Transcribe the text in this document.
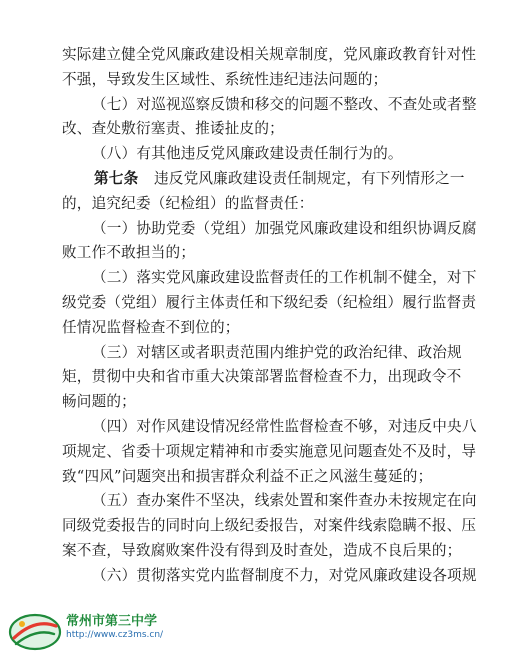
实际建立健全党风廉政建设相关规章制度，党风廉政教育针对性
不强，导致发生区域性、系统性违纪违法问题的；
（七）对巡视巡察反馈和移交的问题不整改、不查处或者整
改、查处敷衍塞责、推诿扯皮的；
（八）有其他违反党风廉政建设责任制行为的。
第七条 违反党风廉政建设责任制规定，有下列情形之一
的，追究纪委（纪检组）的监督责任：
（一）协助党委（党组）加强党风廉政建设和组织协调反腐
败工作不敢担当的；
（二）落实党风廉政建设监督责任的工作机制不健全，对下
级党委（党组）履行主体责任和下级纪委（纪检组）履行监督责
任情况监督检查不到位的；
（三）对辖区或者职责范围内维护党的政治纪律、政治规
矩，贯彻中央和省市重大决策部署监督检查不力，出现政令不
畅问题的；
（四）对作风建设情况经常性监督检查不够，对违反中央八
项规定、省委十项规定精神和市委实施意见问题查处不及时，导
致“四风”问题突出和损害群众利益不正之风滋生蔓延的；
（五）查办案件不坚决，线索处置和案件查办未按规定在向
同级党委报告的同时向上级纪委报告，对案件线索隐瞒不报、压
案不查，导致腐败案件没有得到及时查处，造成不良后果的；
（六）贯彻落实党内监督制度不力，对党风廉政建设各项规
常州市第三中学
http://www.cz3ms.cn/
